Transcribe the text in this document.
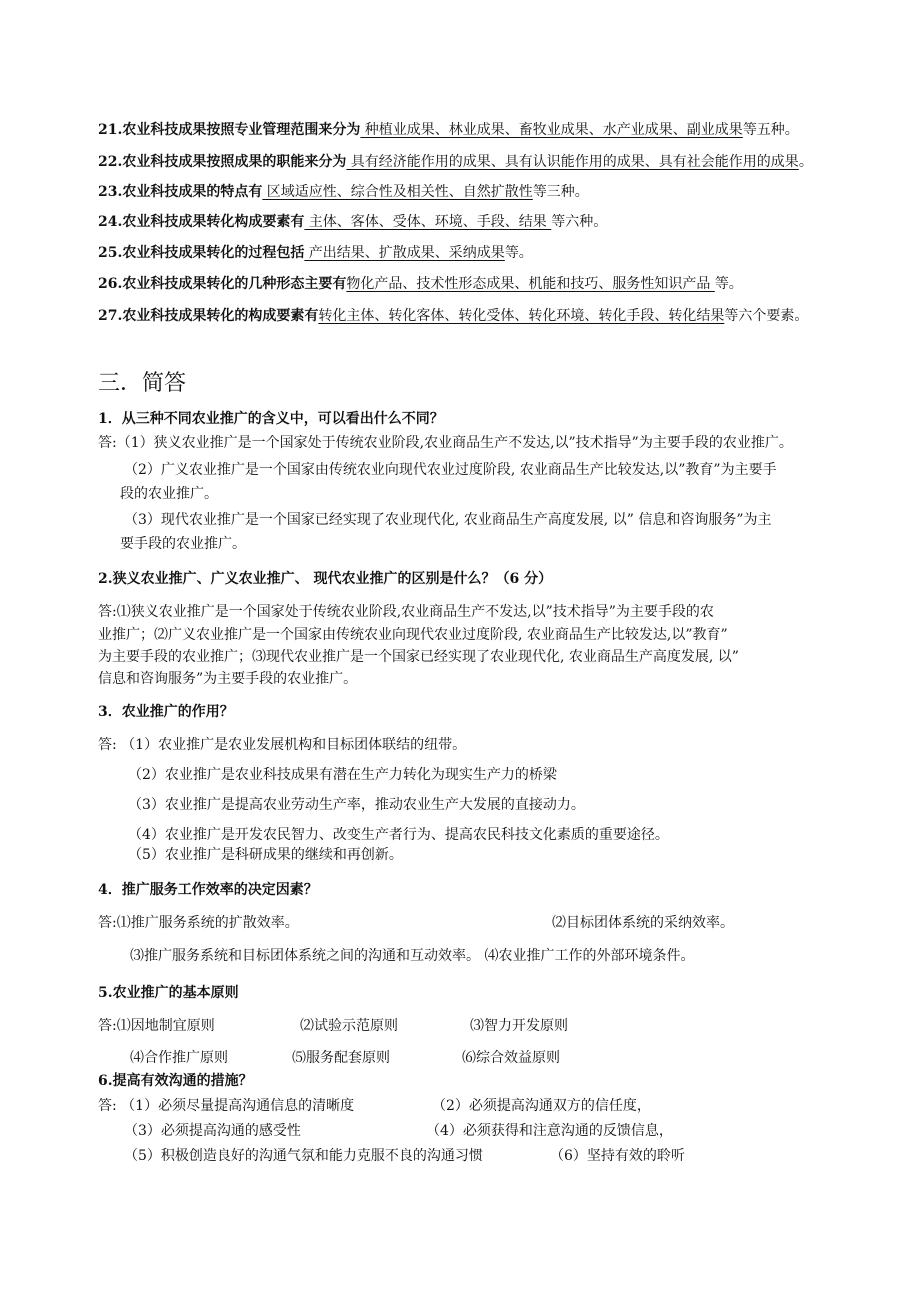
21.农业科技成果按照专业管理范围来分为 种植业成果、林业成果、畜牧业成果、水产业成果、副业成果等五种。
22.农业科技成果按照成果的职能来分为 具有经济能作用的成果、具有认识能作用的成果、具有社会能作用的成果。
23.农业科技成果的特点有 区域适应性、综合性及相关性、自然扩散性等三种。
24.农业科技成果转化构成要素有 主体、客体、受体、环境、手段、结果 等六种。
25.农业科技成果转化的过程包括 产出结果、扩散成果、采纳成果等。
26.农业科技成果转化的几种形态主要有物化产品、技术性形态成果、机能和技巧、服务性知识产品 等。
27.农业科技成果转化的构成要素有转化主体、转化客体、转化受体、转化环境、转化手段、转化结果等六个要素。
三．简答
1．从三种不同农业推广的含义中，可以看出什么不同？
答:（1）狭义农业推广是一个国家处于传统农业阶段,农业商品生产不发达,以”技术指导”为主要手段的农业推广。
（2）广义农业推广是一个国家由传统农业向现代农业过度阶段, 农业商品生产比较发达,以”教育”为主要手
段的农业推广。
（3）现代农业推广是一个国家已经实现了农业现代化, 农业商品生产高度发展, 以” 信息和咨询服务”为主
要手段的农业推广。
2.狭义农业推广、广义农业推广、 现代农业推广的区别是什么？（6 分）
答:⑴狭义农业推广是一个国家处于传统农业阶段,农业商品生产不发达,以”技术指导”为主要手段的农
业推广；⑵广义农业推广是一个国家由传统农业向现代农业过度阶段, 农业商品生产比较发达,以”教育”
为主要手段的农业推广；⑶现代农业推广是一个国家已经实现了农业现代化, 农业商品生产高度发展, 以”
信息和咨询服务”为主要手段的农业推广。
3．农业推广的作用？
答: （1）农业推广是农业发展机构和目标团体联结的纽带。
（2）农业推广是农业科技成果有潜在生产力转化为现实生产力的桥梁
（3）农业推广是提高农业劳动生产率，推动农业生产大发展的直接动力。
（4）农业推广是开发农民智力、改变生产者行为、提高农民科技文化素质的重要途径。
（5）农业推广是科研成果的继续和再创新。
4．推广服务工作效率的决定因素？
答:⑴推广服务系统的扩散效率。	⑵目标团体系统的采纳效率。
⑶推广服务系统和目标团体系统之间的沟通和互动效率。 ⑷农业推广工作的外部环境条件。
5.农业推广的基本原则
答:⑴因地制宜原则	⑵试验示范原则	⑶智力开发原则
⑷合作推广原则	⑸服务配套原则	⑹综合效益原则
6.提高有效沟通的措施？
答: （1）必须尽量提高沟通信息的清晰度	（2）必须提高沟通双方的信任度，
（3）必须提高沟通的感受性	（4）必须获得和注意沟通的反馈信息，
（5）积极创造良好的沟通气氛和能力克服不良的沟通习惯	（6）坚持有效的聆听
